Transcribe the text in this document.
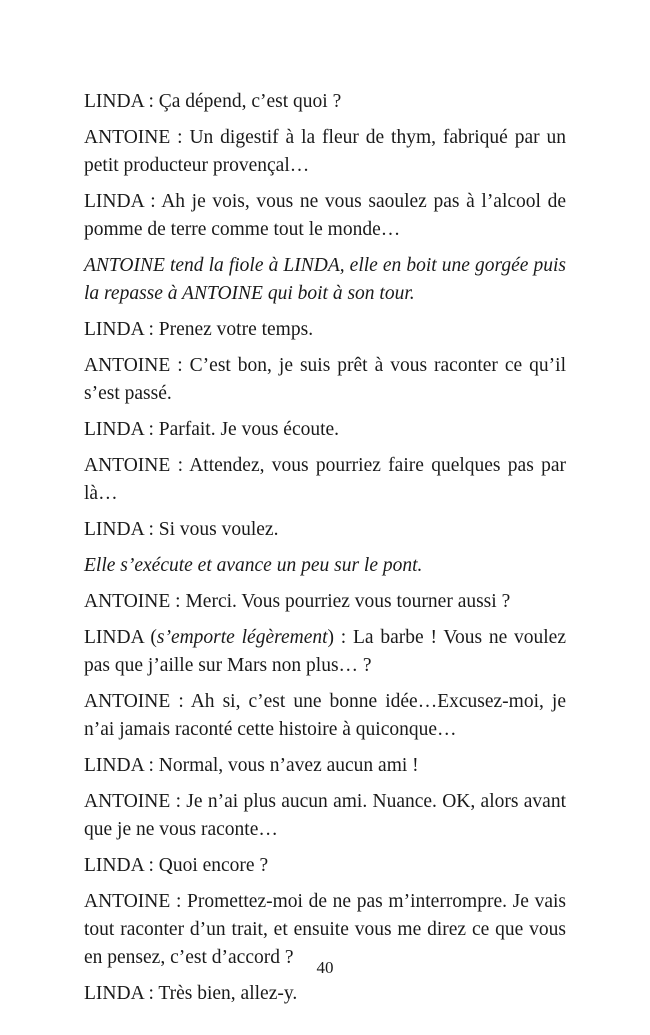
LINDA : Ça dépend, c’est quoi ?

ANTOINE : Un digestif à la fleur de thym, fabriqué par un petit producteur provençal…

LINDA : Ah je vois, vous ne vous saoulez pas à l’alcool de pomme de terre comme tout le monde…

ANTOINE tend la fiole à LINDA, elle en boit une gorgée puis la repasse à ANTOINE qui boit à son tour.

LINDA : Prenez votre temps.

ANTOINE : C’est bon, je suis prêt à vous raconter ce qu’il s’est passé.

LINDA : Parfait. Je vous écoute.

ANTOINE : Attendez, vous pourriez faire quelques pas par là…

LINDA : Si vous voulez.

Elle s’exécute et avance un peu sur le pont.

ANTOINE : Merci. Vous pourriez vous tourner aussi ?

LINDA (s’emporte légèrement) : La barbe ! Vous ne voulez pas que j’aille sur Mars non plus… ?

ANTOINE : Ah si, c’est une bonne idée…Excusez-moi, je n’ai jamais raconté cette histoire à quiconque…

LINDA : Normal, vous n’avez aucun ami !

ANTOINE : Je n’ai plus aucun ami. Nuance. OK, alors avant que je ne vous raconte…

LINDA : Quoi encore ?

ANTOINE : Promettez-moi de ne pas m’interrompre. Je vais tout raconter d’un trait, et ensuite vous me direz ce que vous en pensez, c’est d’accord ?

LINDA : Très bien, allez-y.

40
